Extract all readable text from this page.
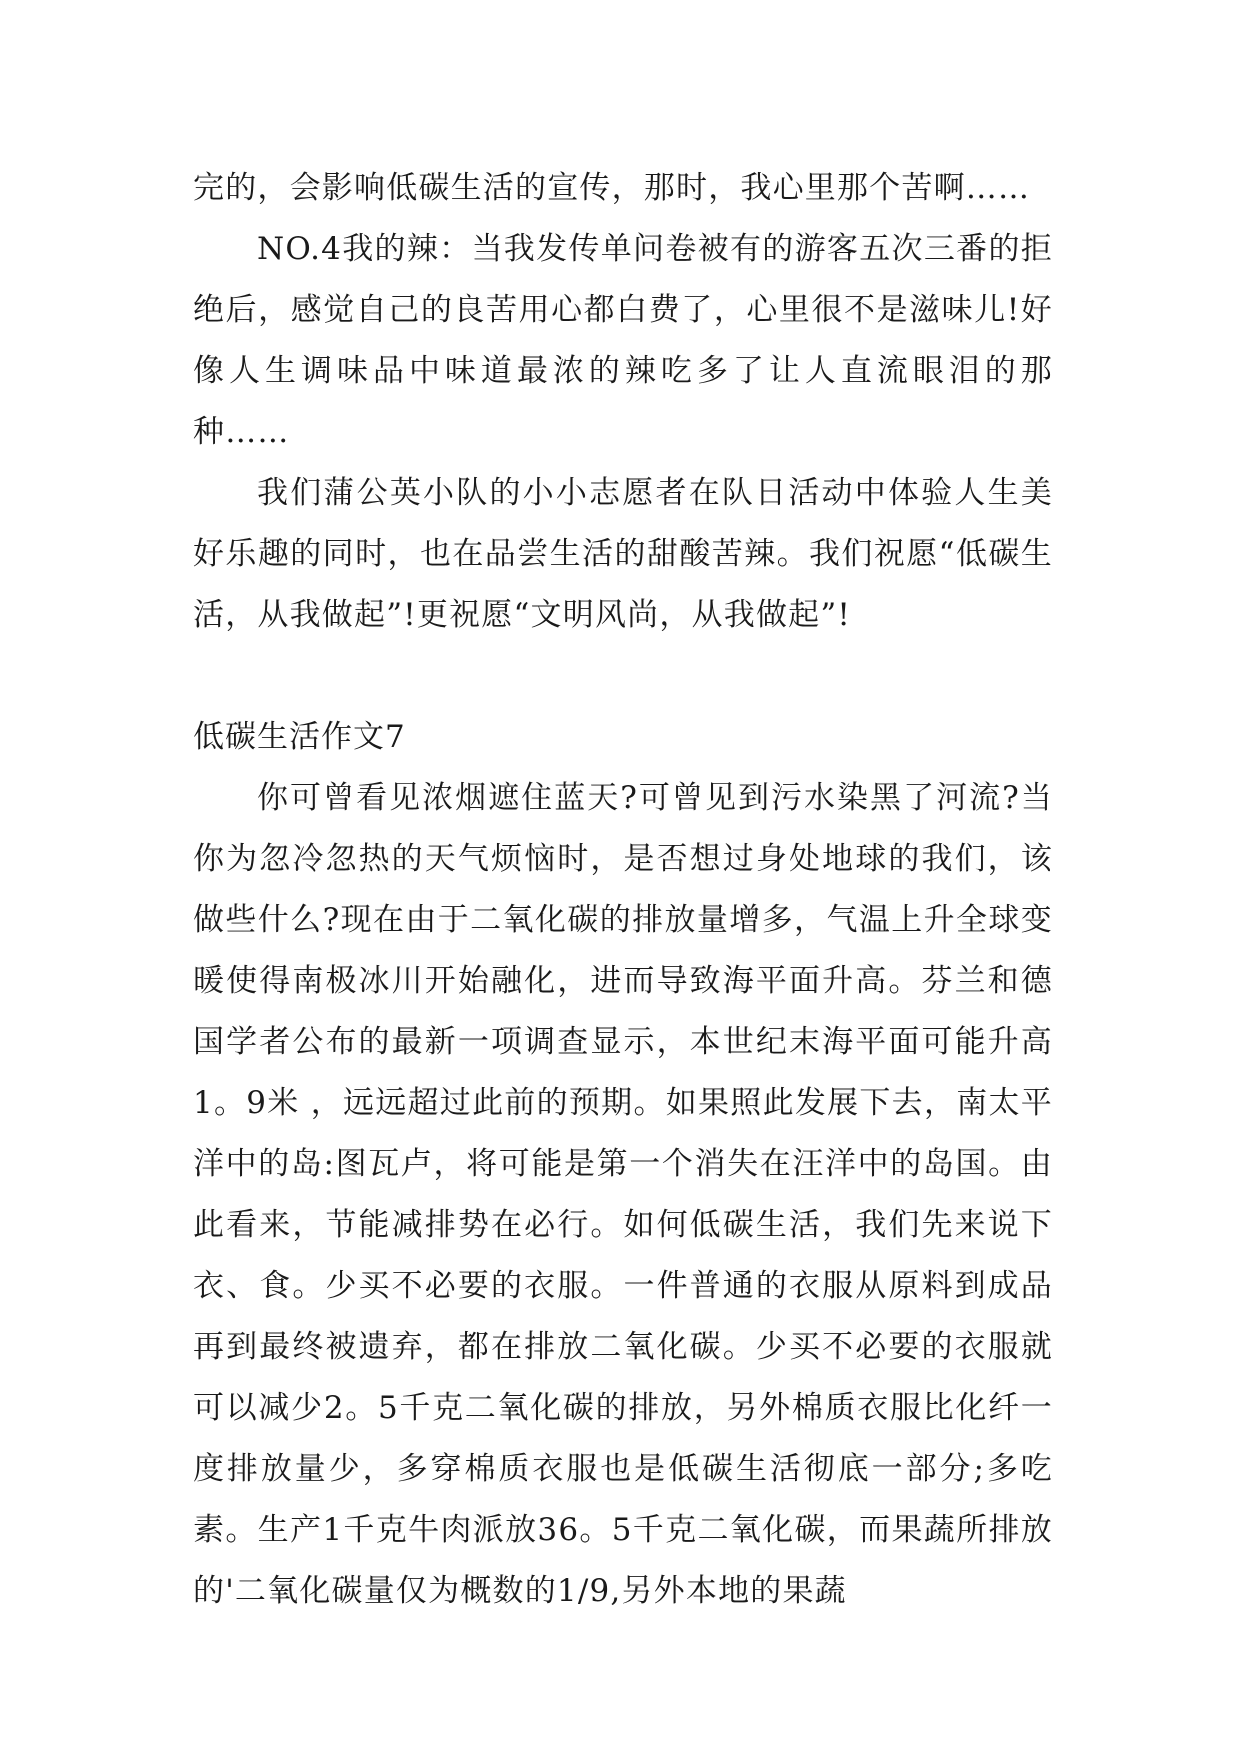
完的，会影响低碳生活的宣传，那时，我心里那个苦啊……

NO.4我的辣：当我发传单问卷被有的游客五次三番的拒绝后，感觉自己的良苦用心都白费了，心里很不是滋味儿!好像人生调味品中味道最浓的辣吃多了让人直流眼泪的那种……

我们蒲公英小队的小小志愿者在队日活动中体验人生美好乐趣的同时，也在品尝生活的甜酸苦辣。我们祝愿“低碳生活，从我做起”!更祝愿“文明风尚，从我做起”!

低碳生活作文7

你可曾看见浓烟遮住蓝天?可曾见到污水染黑了河流?当你为忽冷忽热的天气烦恼时，是否想过身处地球的我们，该做些什么?现在由于二氧化碳的排放量增多，气温上升全球变暖使得南极冰川开始融化，进而导致海平面升高。芬兰和德国学者公布的最新一项调查显示，本世纪末海平面可能升高1。9米 ，远远超过此前的预期。如果照此发展下去，南太平洋中的岛:图瓦卢，将可能是第一个消失在汪洋中的岛国。由此看来，节能减排势在必行。如何低碳生活，我们先来说下衣、食。少买不必要的衣服。一件普通的衣服从原料到成品再到最终被遗弃，都在排放二氧化碳。少买不必要的衣服就可以减少2。5千克二氧化碳的排放，另外棉质衣服比化纤一度排放量少，多穿棉质衣服也是低碳生活彻底一部分;多吃素。生产1千克牛肉派放36。5千克二氧化碳，而果蔬所排放的'二氧化碳量仅为概数的1/9,另外本地的果蔬
